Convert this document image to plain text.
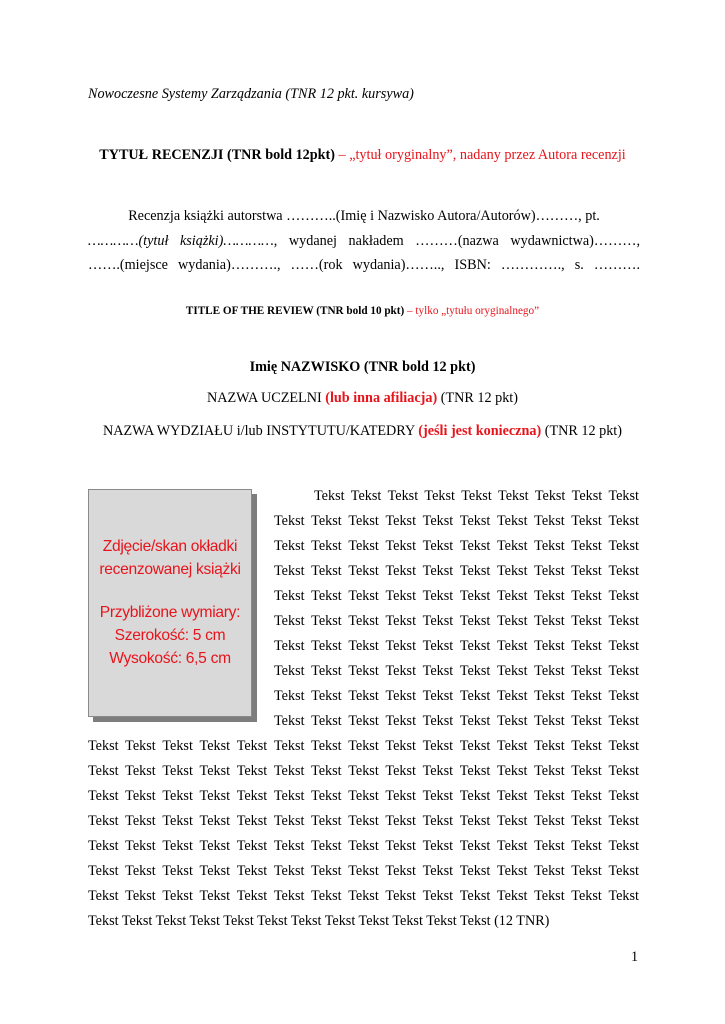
Nowoczesne Systemy Zarządzania (TNR 12 pkt. kursywa)
TYTUŁ RECENZJI (TNR bold 12pkt) – „tytuł oryginalny”, nadany przez Autora recenzji
Recenzja książki autorstwa ………..(Imię i Nazwisko Autora/Autorów)………, pt.
…………(tytuł książki)…………, wydanej nakładem ………(nazwa wydawnictwa)………,
…….(miejsce wydania)………., ……(rok wydania)…….., ISBN: …………., s. ……….
TITLE OF THE REVIEW (TNR bold 10 pkt) – tylko „tytułu oryginalnego”
Imię NAZWISKO (TNR bold 12 pkt)
NAZWA UCZELNI (lub inna afiliacja) (TNR 12 pkt)
NAZWA WYDZIAŁU i/lub INSTYTUTU/KATEDRY (jeśli jest konieczna) (TNR 12 pkt)
Zdjęcie/skan okładki
recenzowanej książki
Przybliżone wymiary:
Szerokość: 5 cm
Wysokość: 6,5 cm
Tekst Tekst Tekst Tekst Tekst Tekst Tekst Tekst Tekst
Tekst Tekst Tekst Tekst Tekst Tekst Tekst Tekst Tekst Tekst
Tekst Tekst Tekst Tekst Tekst Tekst Tekst Tekst Tekst Tekst
Tekst Tekst Tekst Tekst Tekst Tekst Tekst Tekst Tekst Tekst
Tekst Tekst Tekst Tekst Tekst Tekst Tekst Tekst Tekst Tekst
Tekst Tekst Tekst Tekst Tekst Tekst Tekst Tekst Tekst Tekst
Tekst Tekst Tekst Tekst Tekst Tekst Tekst Tekst Tekst Tekst
Tekst Tekst Tekst Tekst Tekst Tekst Tekst Tekst Tekst Tekst
Tekst Tekst Tekst Tekst Tekst Tekst Tekst Tekst Tekst Tekst
Tekst Tekst Tekst Tekst Tekst Tekst Tekst Tekst Tekst Tekst
Tekst Tekst Tekst Tekst Tekst Tekst Tekst Tekst Tekst Tekst Tekst Tekst Tekst Tekst Tekst
Tekst Tekst Tekst Tekst Tekst Tekst Tekst Tekst Tekst Tekst Tekst Tekst Tekst Tekst Tekst
Tekst Tekst Tekst Tekst Tekst Tekst Tekst Tekst Tekst Tekst Tekst Tekst Tekst Tekst Tekst
Tekst Tekst Tekst Tekst Tekst Tekst Tekst Tekst Tekst Tekst Tekst Tekst Tekst Tekst Tekst
Tekst Tekst Tekst Tekst Tekst Tekst Tekst Tekst Tekst Tekst Tekst Tekst Tekst Tekst Tekst
Tekst Tekst Tekst Tekst Tekst Tekst Tekst Tekst Tekst Tekst Tekst Tekst Tekst Tekst Tekst
Tekst Tekst Tekst Tekst Tekst Tekst Tekst Tekst Tekst Tekst Tekst Tekst Tekst Tekst Tekst
Tekst Tekst Tekst Tekst Tekst Tekst Tekst Tekst Tekst Tekst Tekst Tekst (12 TNR)
1
